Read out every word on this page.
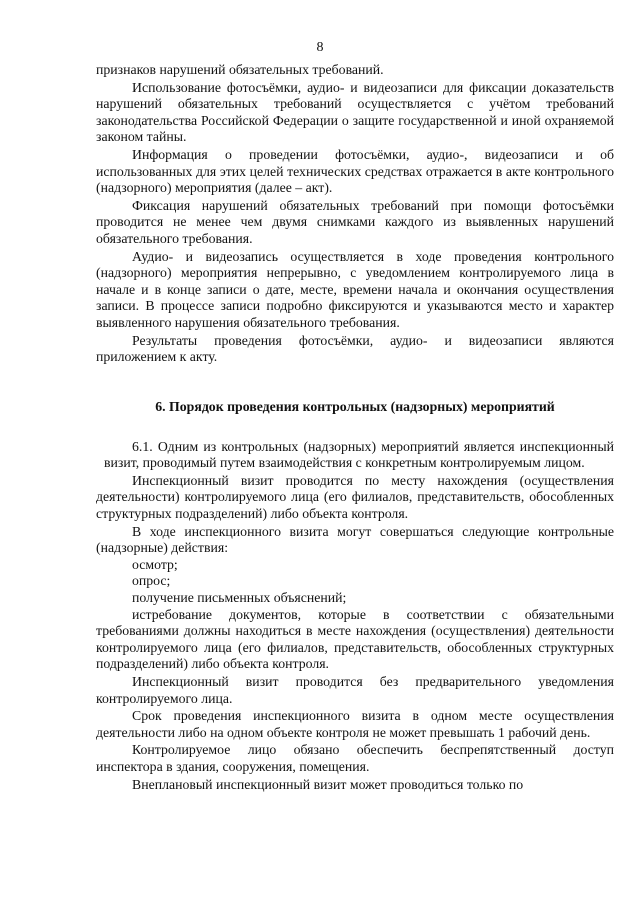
8

признаков нарушений обязательных требований.

Использование фотосъёмки, аудио- и видеозаписи для фиксации доказательств нарушений обязательных требований осуществляется с учётом требований законодательства Российской Федерации о защите государственной и иной охраняемой законом тайны.

Информация о проведении фотосъёмки, аудио-, видеозаписи и об использованных для этих целей технических средствах отражается в акте контрольного (надзорного) мероприятия (далее – акт).

Фиксация нарушений обязательных требований при помощи фотосъёмки проводится не менее чем двумя снимками каждого из выявленных нарушений обязательного требования.

Аудио- и видеозапись осуществляется в ходе проведения контрольного (надзорного) мероприятия непрерывно, с уведомлением контролируемого лица в начале и в конце записи о дате, месте, времени начала и окончания осуществления записи. В процессе записи подробно фиксируются и указываются место и характер выявленного нарушения обязательного требования.

Результаты проведения фотосъёмки, аудио- и видеозаписи являются приложением к акту.

6. Порядок проведения контрольных (надзорных) мероприятий

6.1. Одним из контрольных (надзорных) мероприятий является инспекционный визит, проводимый путем взаимодействия с конкретным контролируемым лицом.

Инспекционный визит проводится по месту нахождения (осуществления деятельности) контролируемого лица (его филиалов, представительств, обособленных структурных подразделений) либо объекта контроля.

В ходе инспекционного визита могут совершаться следующие контрольные (надзорные) действия:

осмотр;

опрос;

получение письменных объяснений;

истребование документов, которые в соответствии с обязательными требованиями должны находиться в месте нахождения (осуществления) деятельности контролируемого лица (его филиалов, представительств, обособленных структурных подразделений) либо объекта контроля.

Инспекционный визит проводится без предварительного уведомления контролируемого лица.

Срок проведения инспекционного визита в одном месте осуществления деятельности либо на одном объекте контроля не может превышать 1 рабочий день.

Контролируемое лицо обязано обеспечить беспрепятственный доступ инспектора в здания, сооружения, помещения.

Внеплановый инспекционный визит может проводиться только по
